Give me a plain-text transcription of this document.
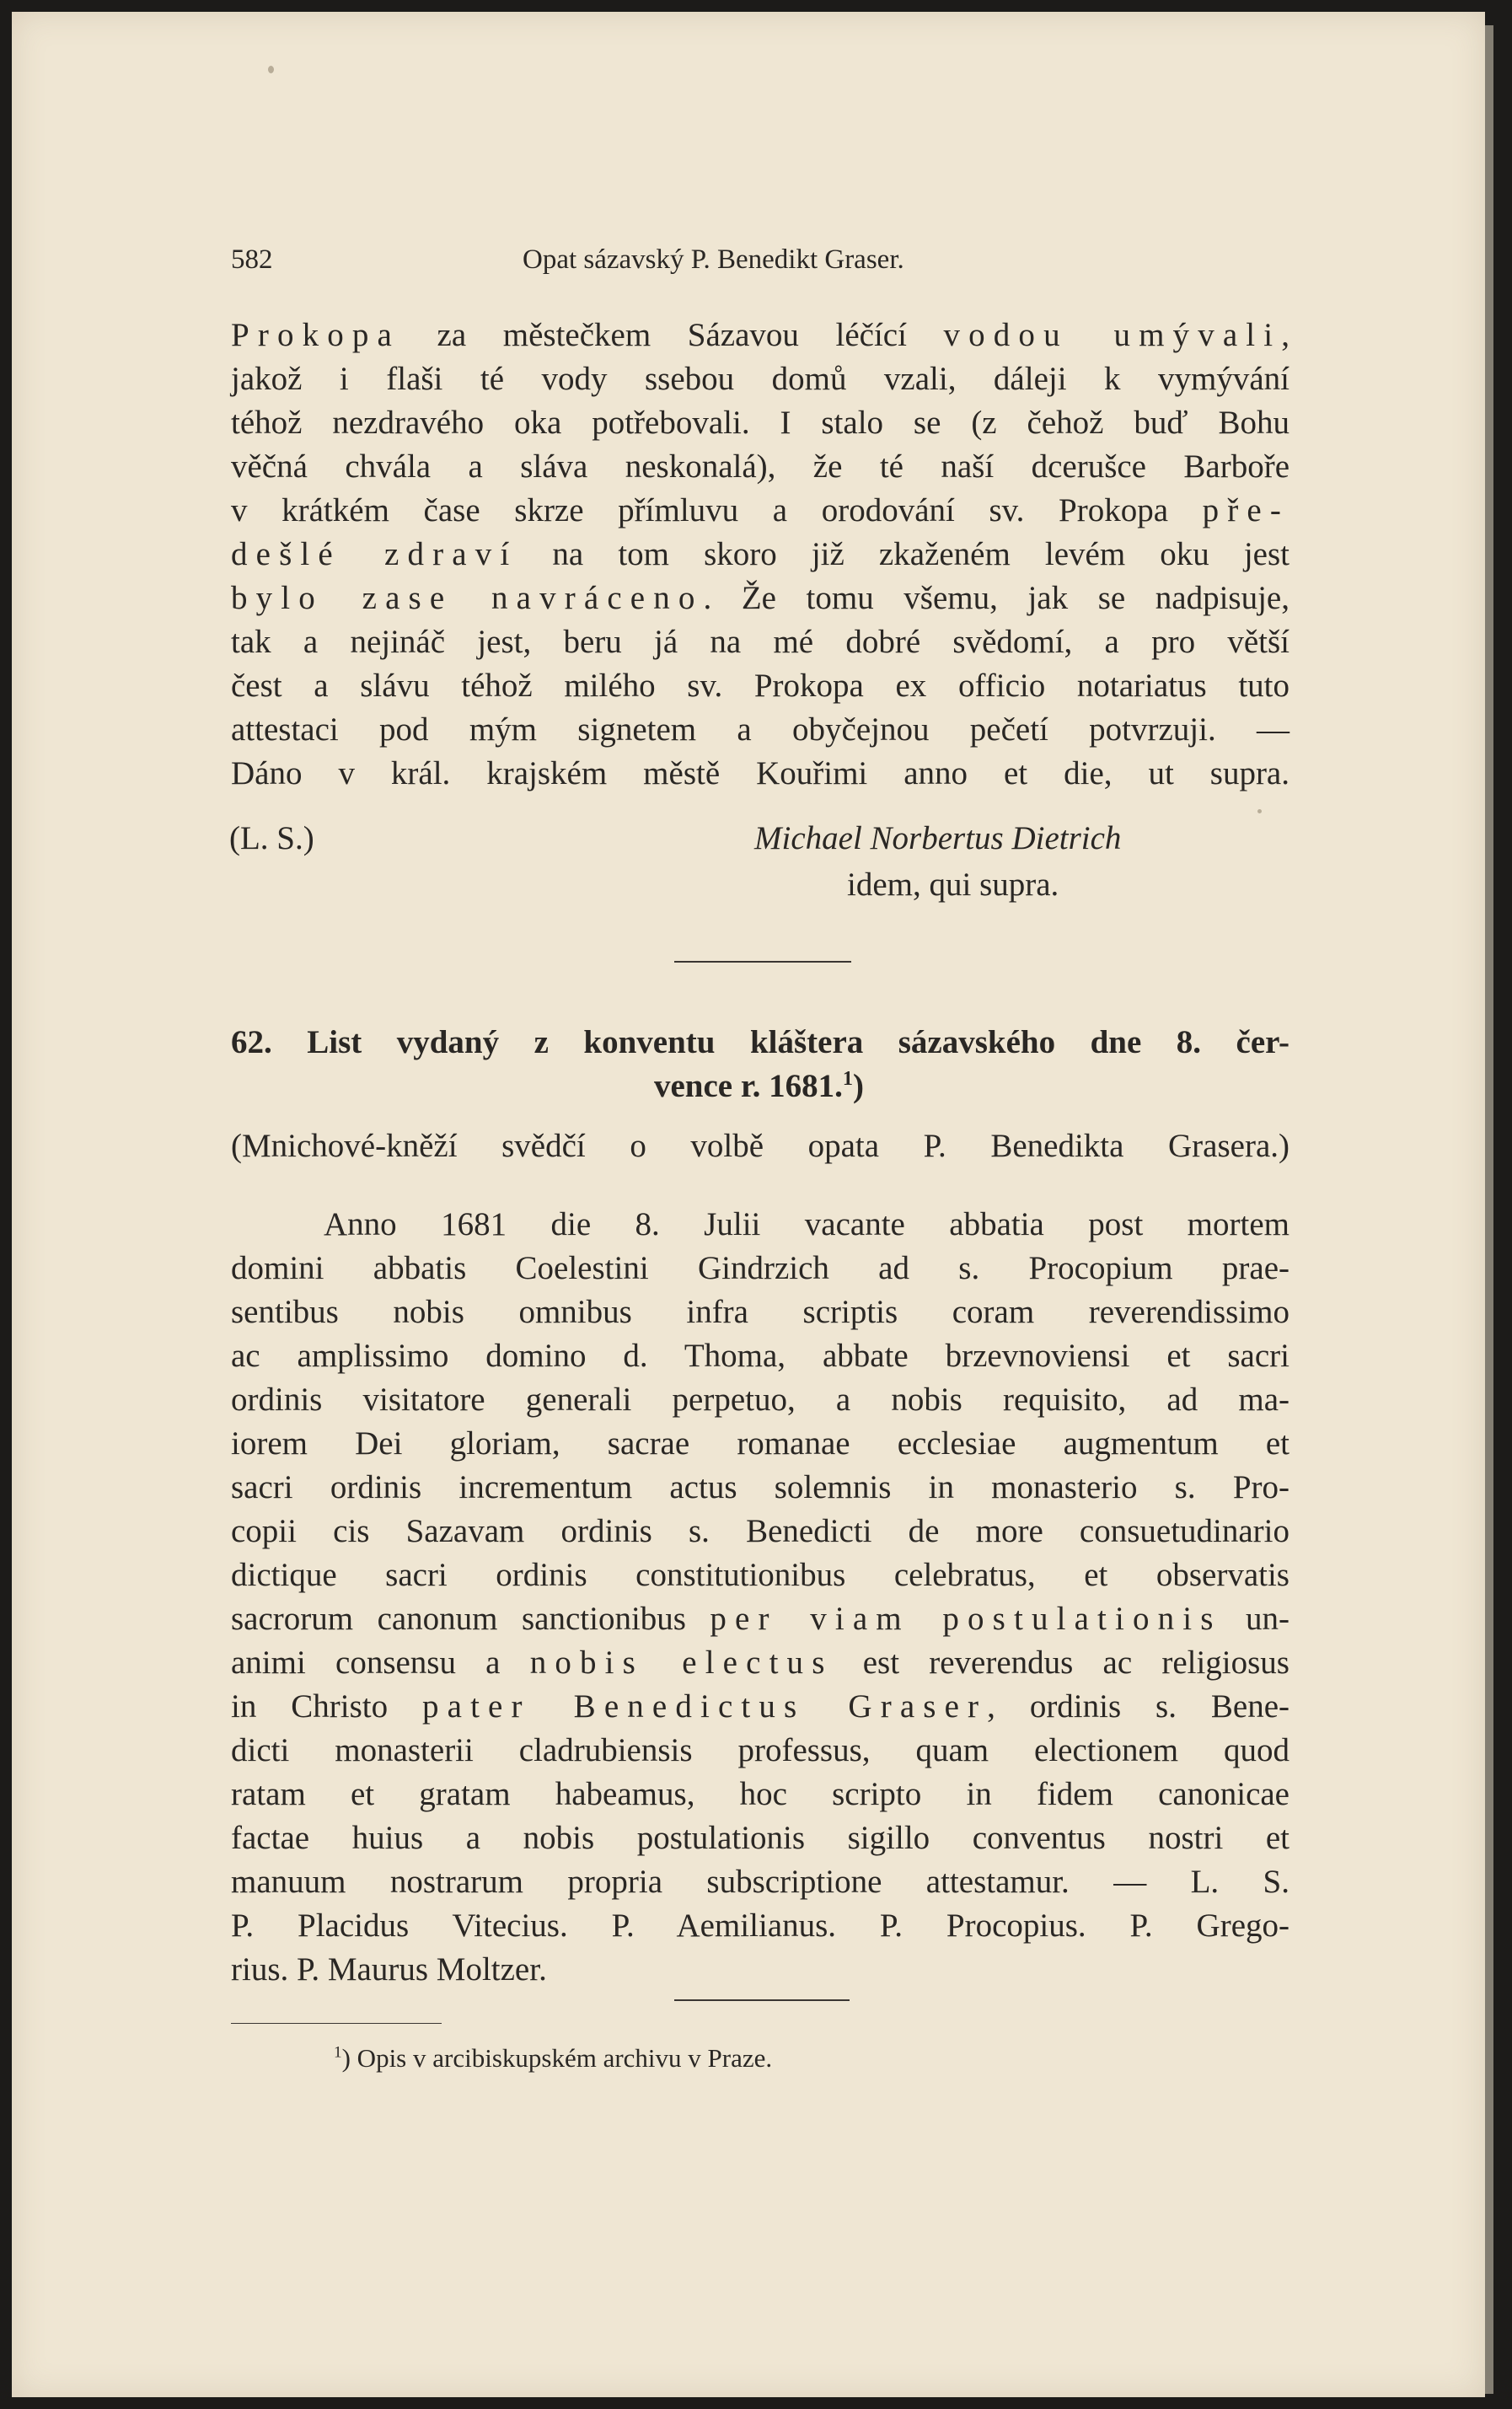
582	Opat sázavský P. Benedikt Graser.
Prokopa za městečkem Sázavou léčící vodou umývali,
jakož i flaši té vody ssebou domů vzali, dáleji k vymývání
téhož nezdravého oka potřebovali. I stalo se (z čehož buď Bohu
věčná chvála a sláva neskonalá), že té naší dcerušce Barboře
v krátkém čase skrze přímluvu a orodování sv. Prokopa pře-
dešlé zdraví na tom skoro již zkaženém levém oku jest
bylo zase navráceno. Že tomu všemu, jak se nadpisuje,
tak a nejináč jest, beru já na mé dobré svědomí, a pro větší
čest a slávu téhož milého sv. Prokopa ex officio notariatus tuto
attestaci pod mým signetem a obyčejnou pečetí potvrzuji. —
Dáno v král. krajském městě Kouřimi anno et die, ut supra.
(L. S.)	Michael Norbertus Dietrich
idem, qui supra.
62. List vydaný z konventu kláštera sázavského dne 8. čer-
vence r. 1681.$^1$)
(Mnichové-kněží svědčí o volbě opata P. Benedikta Grasera.)
Anno 1681 die 8. Julii vacante abbatia post mortem
domini abbatis Coelestini Gindrzich ad s. Procopium prae-
sentibus nobis omnibus infra scriptis coram reverendissimo
ac amplissimo domino d. Thoma, abbate brzevnoviensi et sacri
ordinis visitatore generali perpetuo, a nobis requisito, ad ma-
iorem Dei gloriam, sacrae romanae ecclesiae augmentum et
sacri ordinis incrementum actus solemnis in monasterio s. Pro-
copii cis Sazavam ordinis s. Benedicti de more consuetudinario
dictique sacri ordinis constitutionibus celebratus, et observatis
sacrorum canonum sanctionibus per viam postulationis un-
animi consensu a nobis electus est reverendus ac religiosus
in Christo pater Benedictus Graser, ordinis s. Bene-
dicti monasterii cladrubiensis professus, quam electionem quod
ratam et gratam habeamus, hoc scripto in fidem canonicae
factae huius a nobis postulationis sigillo conventus nostri et
manuum nostrarum propria subscriptione attestamur. — L. S.
P. Placidus Vitecius. P. Aemilianus. P. Procopius. P. Grego-
rius. P. Maurus Moltzer.
$^1$) Opis v arcibiskupském archivu v Praze.
